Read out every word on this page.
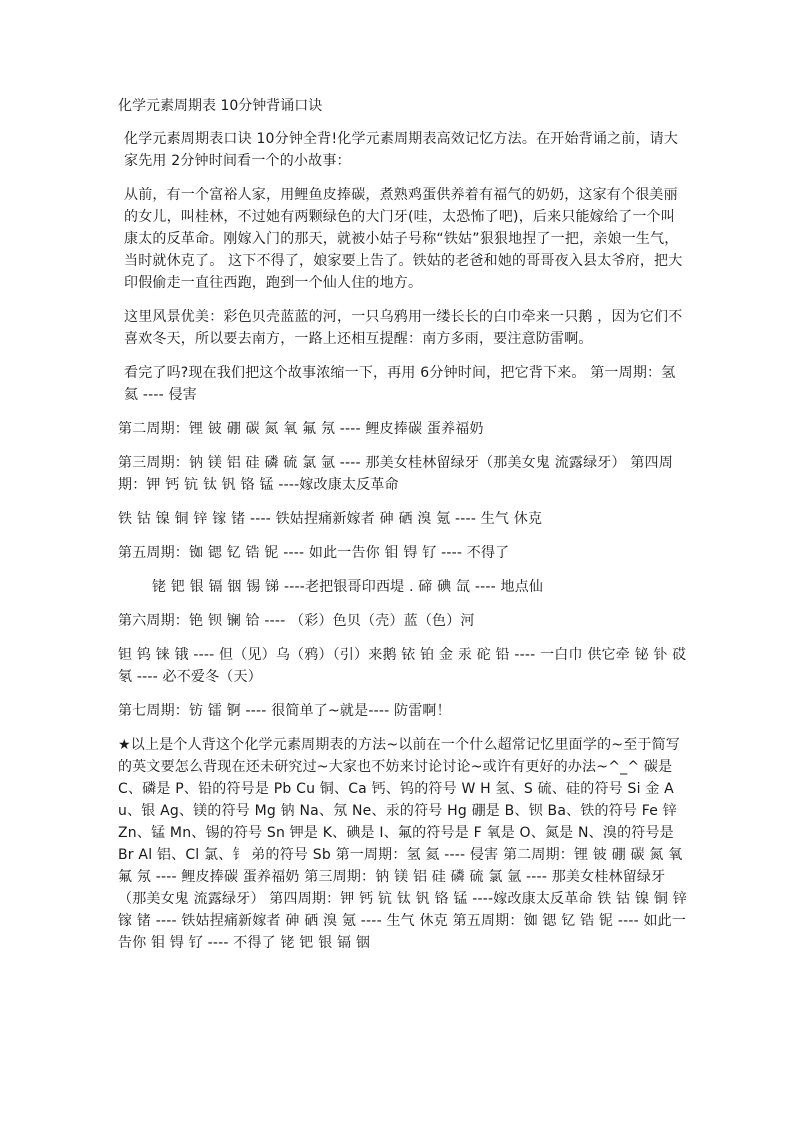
化学元素周期表 10分钟背诵口诀

化学元素周期表口诀 10分钟全背!化学元素周期表高效记忆方法。在开始背诵之前，请大家先用 2分钟时间看一个的小故事：

从前，有一个富裕人家，用鲤鱼皮捧碳，煮熟鸡蛋供养着有福气的奶奶，这家有个很美丽的女儿，叫桂林，不过她有两颗绿色的大门牙(哇，太恐怖了吧)，后来只能嫁给了一个叫康太的反革命。刚嫁入门的那天，就被小姑子号称“铁姑”狠狠地捏了一把，亲娘一生气，当时就休克了。 这下不得了，娘家要上告了。铁姑的老爸和她的哥哥夜入县太爷府，把大印假偷走一直往西跑，跑到一个仙人住的地方。

这里风景优美：彩色贝壳蓝蓝的河，一只乌鸦用一缕长长的白巾牵来一只鹅 ，因为它们不喜欢冬天，所以要去南方，一路上还相互提醒：南方多雨，要注意防雷啊。

看完了吗?现在我们把这个故事浓缩一下，再用 6分钟时间，把它背下来。 第一周期：氢 氦 ---- 侵害

第二周期：锂 铍 硼 碳 氮 氧 氟 氖 ---- 鲤皮捧碳 蛋养福奶

第三周期：钠 镁 铝 硅 磷 硫 氯 氩 ---- 那美女桂林留绿牙（那美女鬼 流露绿牙） 第四周期：钾 钙 钪 钛 钒 铬 锰 ----嫁改康太反革命

铁 钴 镍 铜 锌 镓 锗 ---- 铁姑捏痛新嫁者 砷 硒 溴 氪 ---- 生气 休克

第五周期：铷 锶 钇 锆 铌 ---- 如此一告你 钼 锝 钌 ---- 不得了

铑 钯 银 镉 铟 锡 锑 ----老把银哥印西堤 . 碲 碘 氙 ---- 地点仙

第六周期：铯 钡 镧 铪 ---- （彩）色贝（壳）蓝（色）河

钽 钨 铼 锇 ---- 但（见）乌（鸦）（引）来鹅 铱 铂 金 汞 砣 铅 ---- 一白巾 供它牵 铋 钋 砹 氡 ---- 必不爱冬（天）

第七周期：钫 镭 锕 ---- 很简单了~就是---- 防雷啊！

★以上是个人背这个化学元素周期表的方法~以前在一个什么超常记忆里面学的~至于简写的英文要怎么背现在还未研究过~大家也不妨来讨论讨论~或许有更好的办法~^_^ 碳是 C、磷是 P、铅的符号是 Pb Cu 铜、Ca 钙、钨的符号 W H 氢、S 硫、硅的符号 Si 金 Au、银 Ag、镁的符号 Mg 钠 Na、氖 Ne、汞的符号 Hg 硼是 B、钡 Ba、铁的符号 Fe 锌 Zn、锰 Mn、锡的符号 Sn 钾是 K、碘是 I、氟的符号是 F 氧是 O、氮是 N、溴的符号是 Br Al 铝、Cl 氯、钅 弟的符号 Sb 第一周期：氢 氦 ---- 侵害 第二周期：锂 铍 硼 碳 氮 氧 氟 氖 ---- 鲤皮捧碳 蛋养福奶 第三周期：钠 镁 铝 硅 磷 硫 氯 氩 ---- 那美女桂林留绿牙（那美女鬼 流露绿牙） 第四周期：钾 钙 钪 钛 钒 铬 锰 ----嫁改康太反革命 铁 钴 镍 铜 锌 镓 锗 ---- 铁姑捏痛新嫁者 砷 硒 溴 氪 ---- 生气 休克 第五周期：铷 锶 钇 锆 铌 ---- 如此一告你 钼 锝 钌 ---- 不得了 铑 钯 银 镉 铟
